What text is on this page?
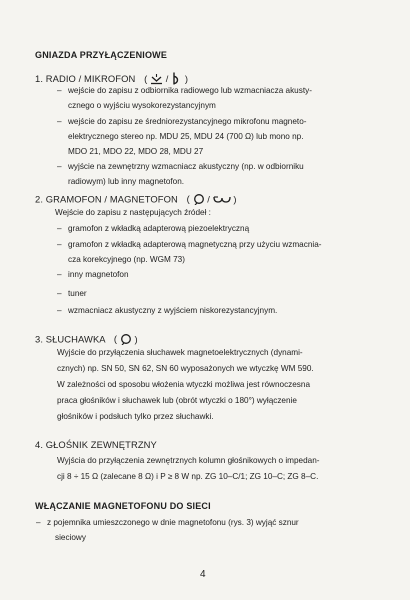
GNIAZDA PRZYŁĄCZENIOWE
1. RADIO / MIKROFON ( / )
– wejście do zapisu z odbiornika radiowego lub wzmacniacza akusty-
cznego o wyjściu wysokorezystancyjnym
– wejście do zapisu ze średniorezystancyjnego mikrofonu magneto-
elektrycznego stereo np. MDU 25, MDU 24 (700 Ω) lub mono np.
MDO 21, MDO 22, MDO 28, MDU 27
– wyjście na zewnętrzny wzmacniacz akustyczny (np. w odbiorniku
radiowym) lub inny magnetofon.
2. GRAMOFON / MAGNETOFON ( / )
Wejście do zapisu z następujących źródeł :
– gramofon z wkładką adapterową piezoelektryczną
– gramofon z wkładką adapterową magnetyczną przy użyciu wzmacnia-
cza korekcyjnego (np. WGM 73)
– inny magnetofon
– tuner
– wzmacniacz akustyczny z wyjściem niskorezystancyjnym.
3. SŁUCHAWKA ( )
Wyjście do przyłączenia słuchawek magnetoelektrycznych (dynami-
cznych) np. SN 50, SN 62, SN 60 wyposażonych we wtyczkę WM 590.
W zależności od sposobu włożenia wtyczki możliwa jest równoczesna
praca głośników i słuchawek lub (obrót wtyczki o 180°) wyłączenie
głośników i podsłuch tylko przez słuchawki.
4. GŁOŚNIK ZEWNĘTRZNY
Wyjścia do przyłączenia zewnętrznych kolumn głośnikowych o impedan-
cji 8 ÷ 15 Ω (zalecane 8 Ω) i P ≥ 8 W np. ZG 10–C/1; ZG 10–C; ZG 8–C.
WŁĄCZANIE MAGNETOFONU DO SIECI
– z pojemnika umieszczonego w dnie magnetofonu (rys. 3) wyjąć sznur
sieciowy
4
